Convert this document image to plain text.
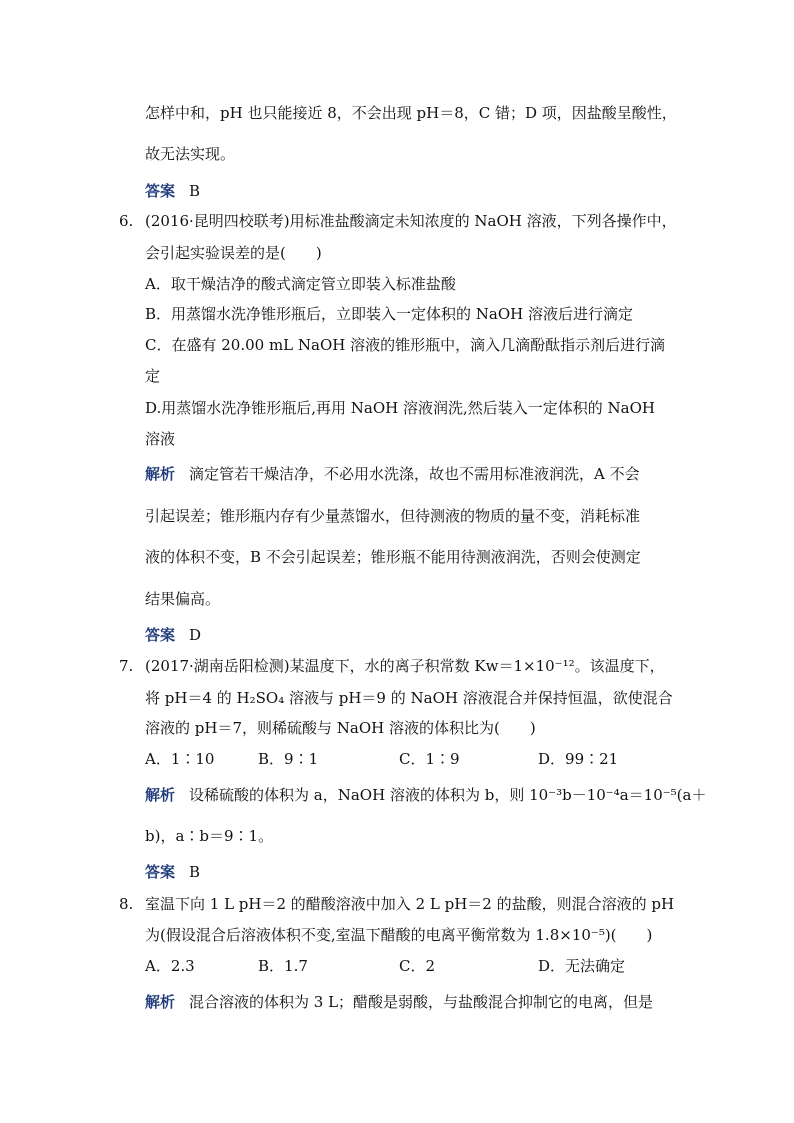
怎样中和，pH 也只能接近 8，不会出现 pH＝8，C 错；D 项，因盐酸呈酸性，
故无法实现。
答案 B
6. (2016·昆明四校联考)用标准盐酸滴定未知浓度的 NaOH 溶液，下列各操作中，
会引起实验误差的是(　　)
A．取干燥洁净的酸式滴定管立即装入标准盐酸
B．用蒸馏水洗净锥形瓶后，立即装入一定体积的 NaOH 溶液后进行滴定
C．在盛有 20.00 mL NaOH 溶液的锥形瓶中，滴入几滴酚酞指示剂后进行滴
定
D.用蒸馏水洗净锥形瓶后,再用 NaOH 溶液润洗,然后装入一定体积的 NaOH
溶液
解析 滴定管若干燥洁净，不必用水洗涤，故也不需用标准液润洗，A 不会
引起误差；锥形瓶内存有少量蒸馏水，但待测液的物质的量不变，消耗标准
液的体积不变，B 不会引起误差；锥形瓶不能用待测液润洗，否则会使测定
结果偏高。
答案 D
7. (2017·湖南岳阳检测)某温度下，水的离子积常数 Kw＝1×10⁻¹²。该温度下，
将 pH＝4 的 H₂SO₄ 溶液与 pH＝9 的 NaOH 溶液混合并保持恒温，欲使混合
溶液的 pH＝7，则稀硫酸与 NaOH 溶液的体积比为(　　)
A．1∶10	B．9∶1	C．1∶9	D．99∶21
解析 设稀硫酸的体积为 a，NaOH 溶液的体积为 b，则 10⁻³b－10⁻⁴a＝10⁻⁵(a＋
b)，a∶b＝9∶1。
答案 B
8. 室温下向 1 L pH＝2 的醋酸溶液中加入 2 L pH＝2 的盐酸，则混合溶液的 pH
为(假设混合后溶液体积不变,室温下醋酸的电离平衡常数为 1.8×10⁻⁵)(　　)
A．2.3	B．1.7	C．2	D．无法确定
解析 混合溶液的体积为 3 L；醋酸是弱酸，与盐酸混合抑制它的电离，但是
